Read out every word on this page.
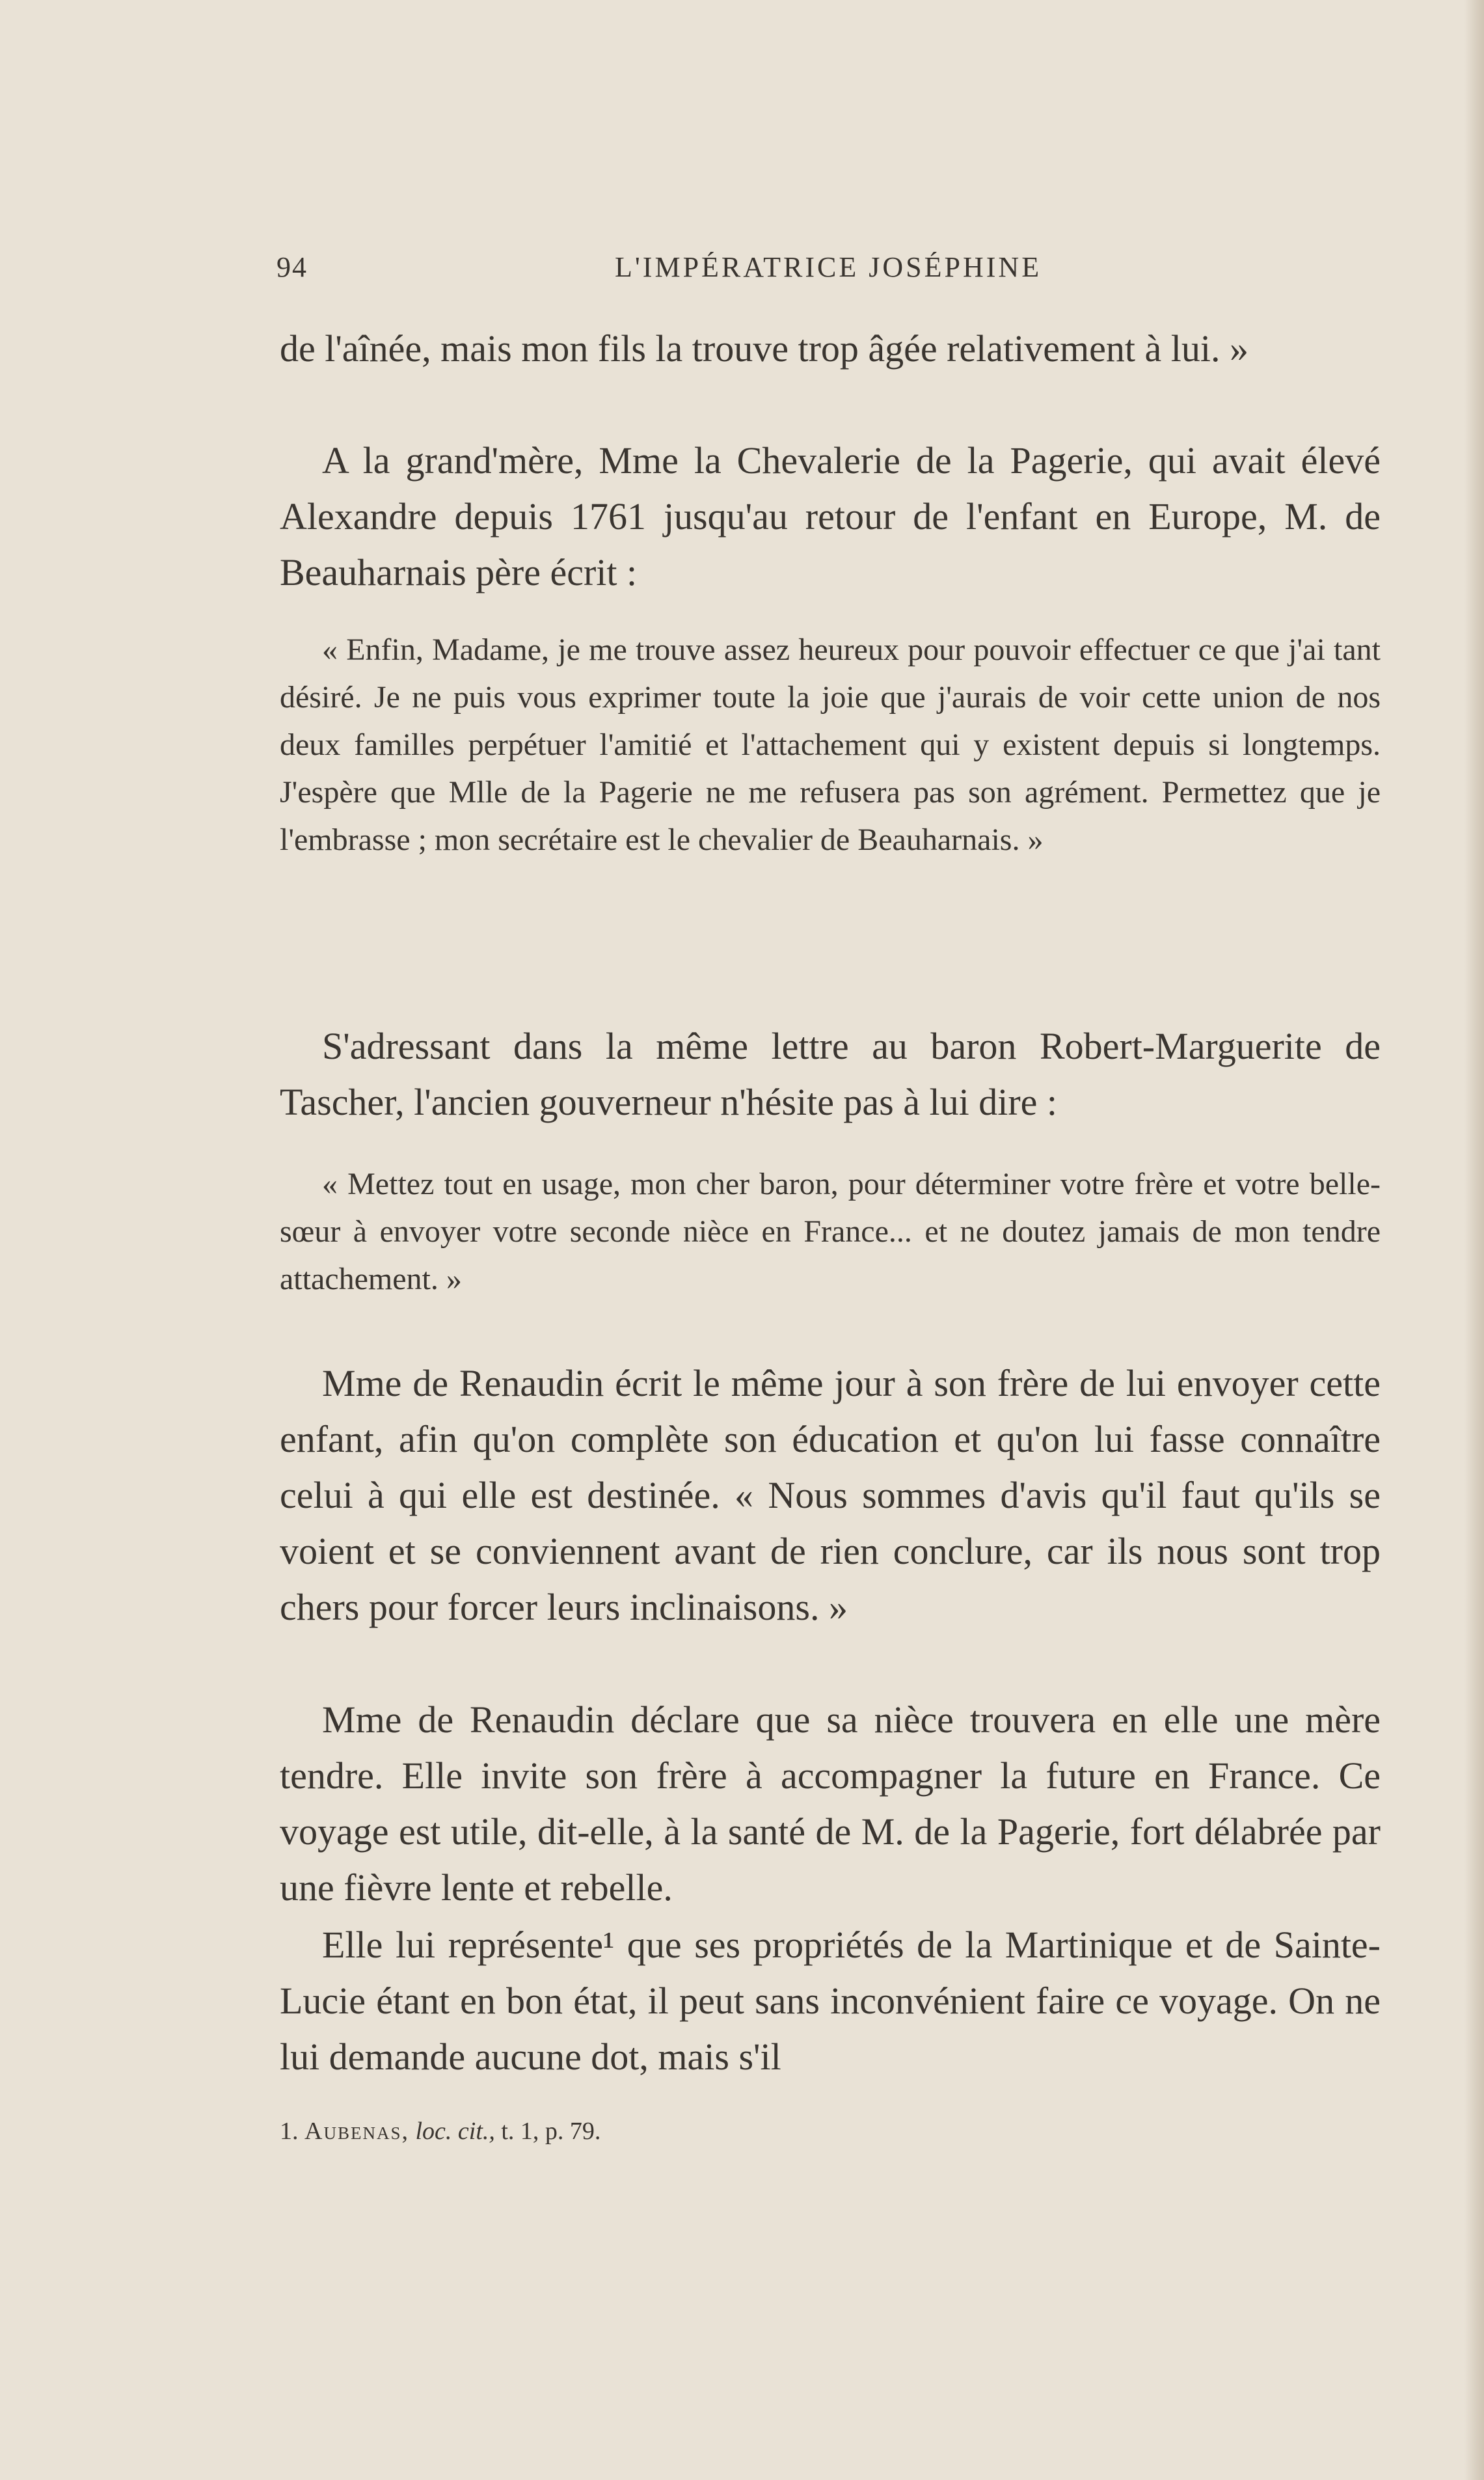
94	L'IMPÉRATRICE JOSÉPHINE

de l'aînée, mais mon fils la trouve trop âgée relativement à lui. »

A la grand'mère, Mme la Chevalerie de la Pagerie, qui avait élevé Alexandre depuis 1761 jusqu'au retour de l'enfant en Europe, M. de Beauharnais père écrit :

« Enfin, Madame, je me trouve assez heureux pour pouvoir effectuer ce que j'ai tant désiré. Je ne puis vous exprimer toute la joie que j'aurais de voir cette union de nos deux familles perpétuer l'amitié et l'attachement qui y existent depuis si longtemps. J'espère que Mlle de la Pagerie ne me refusera pas son agrément. Permettez que je l'embrasse ; mon secrétaire est le chevalier de Beauharnais. »

S'adressant dans la même lettre au baron Robert-Marguerite de Tascher, l'ancien gouverneur n'hésite pas à lui dire :

« Mettez tout en usage, mon cher baron, pour déterminer votre frère et votre belle-sœur à envoyer votre seconde nièce en France... et ne doutez jamais de mon tendre attachement. »

Mme de Renaudin écrit le même jour à son frère de lui envoyer cette enfant, afin qu'on complète son éducation et qu'on lui fasse connaître celui à qui elle est destinée. « Nous sommes d'avis qu'il faut qu'ils se voient et se conviennent avant de rien conclure, car ils nous sont trop chers pour forcer leurs inclinaisons. »

Mme de Renaudin déclare que sa nièce trouvera en elle une mère tendre. Elle invite son frère à accompagner la future en France. Ce voyage est utile, dit-elle, à la santé de M. de la Pagerie, fort délabrée par une fièvre lente et rebelle.

Elle lui représente¹ que ses propriétés de la Martinique et de Sainte-Lucie étant en bon état, il peut sans inconvénient faire ce voyage. On ne lui demande aucune dot, mais s'il

1. Aubenas, loc. cit., t. 1, p. 79.
